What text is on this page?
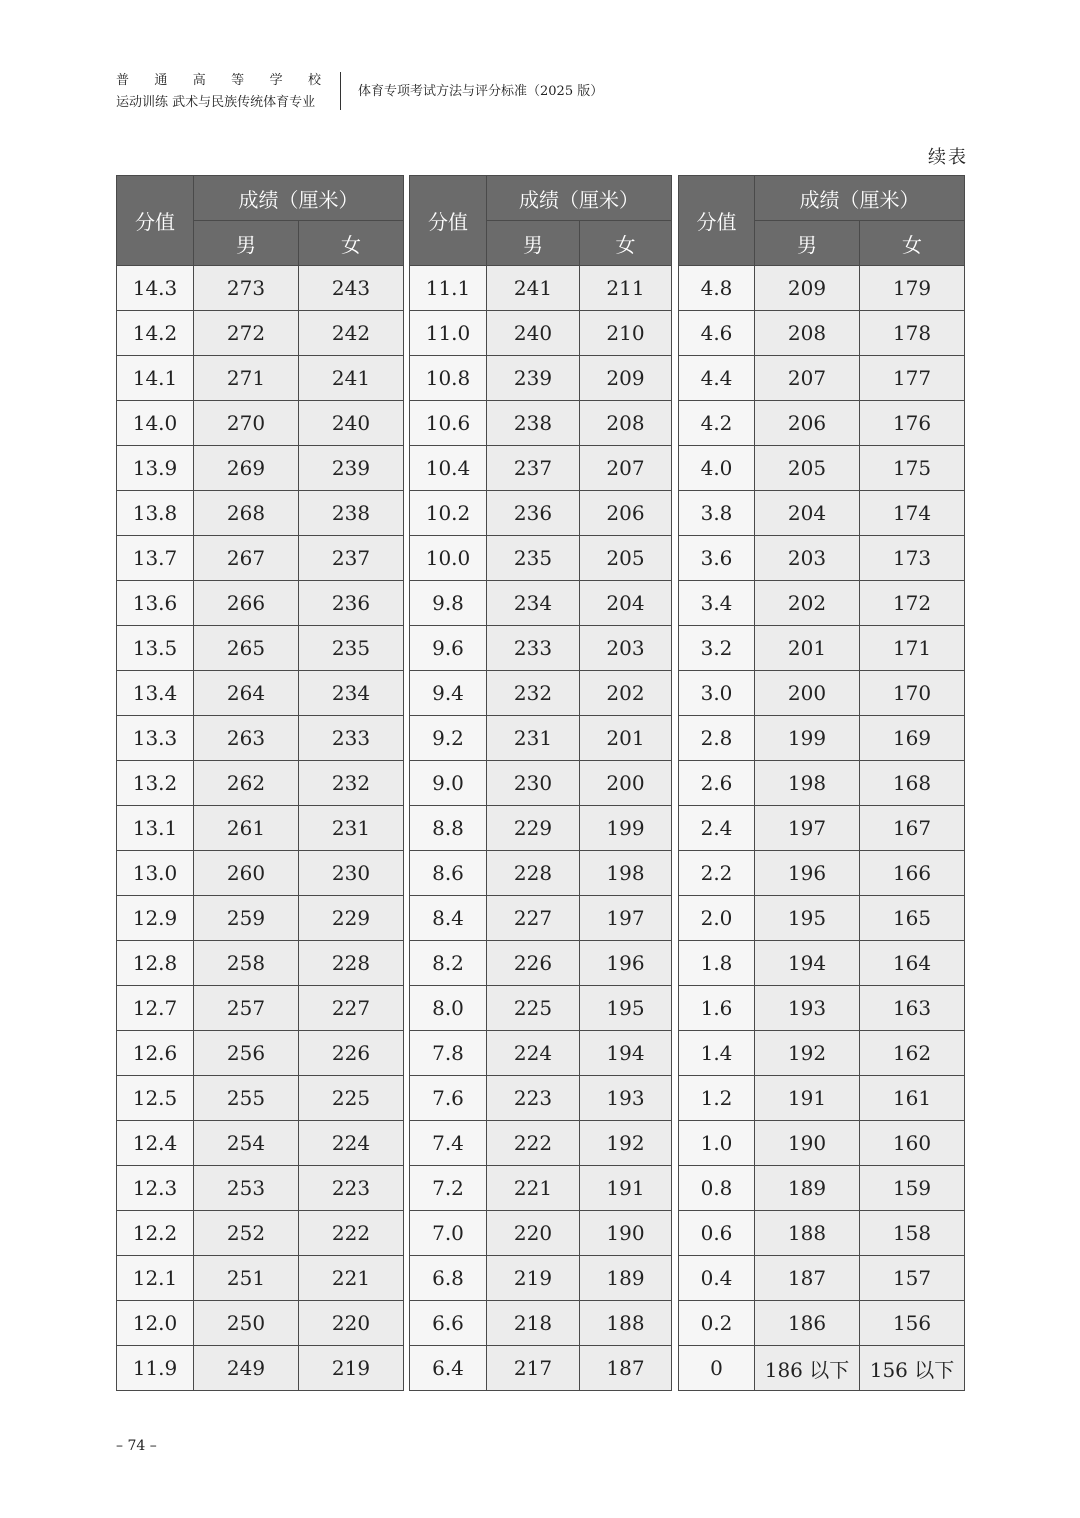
普 通 高 等 学 校
运动训练 武术与民族传统体育专业
体育专项考试方法与评分标准（2025 版）
续表
分值	成绩（厘米）	
	男	女
14.3	273	243
14.2	272	242
14.1	271	241
14.0	270	240
13.9	269	239
13.8	268	238
13.7	267	237
13.6	266	236
13.5	265	235
13.4	264	234
13.3	263	233
13.2	262	232
13.1	261	231
13.0	260	230
12.9	259	229
12.8	258	228
12.7	257	227
12.6	256	226
12.5	255	225
12.4	254	224
12.3	253	223
12.2	252	222
12.1	251	221
12.0	250	220
11.9	249	219
分值	成绩（厘米）	
	男	女
11.1	241	211
11.0	240	210
10.8	239	209
10.6	238	208
10.4	237	207
10.2	236	206
10.0	235	205
9.8	234	204
9.6	233	203
9.4	232	202
9.2	231	201
9.0	230	200
8.8	229	199
8.6	228	198
8.4	227	197
8.2	226	196
8.0	225	195
7.8	224	194
7.6	223	193
7.4	222	192
7.2	221	191
7.0	220	190
6.8	219	189
6.6	218	188
6.4	217	187
分值	成绩（厘米）	
	男	女
4.8	209	179
4.6	208	178
4.4	207	177
4.2	206	176
4.0	205	175
3.8	204	174
3.6	203	173
3.4	202	172
3.2	201	171
3.0	200	170
2.8	199	169
2.6	198	168
2.4	197	167
2.2	196	166
2.0	195	165
1.8	194	164
1.6	193	163
1.4	192	162
1.2	191	161
1.0	190	160
0.8	189	159
0.6	188	158
0.4	187	157
0.2	186	156
0	186 以下	156 以下
– 74 –
